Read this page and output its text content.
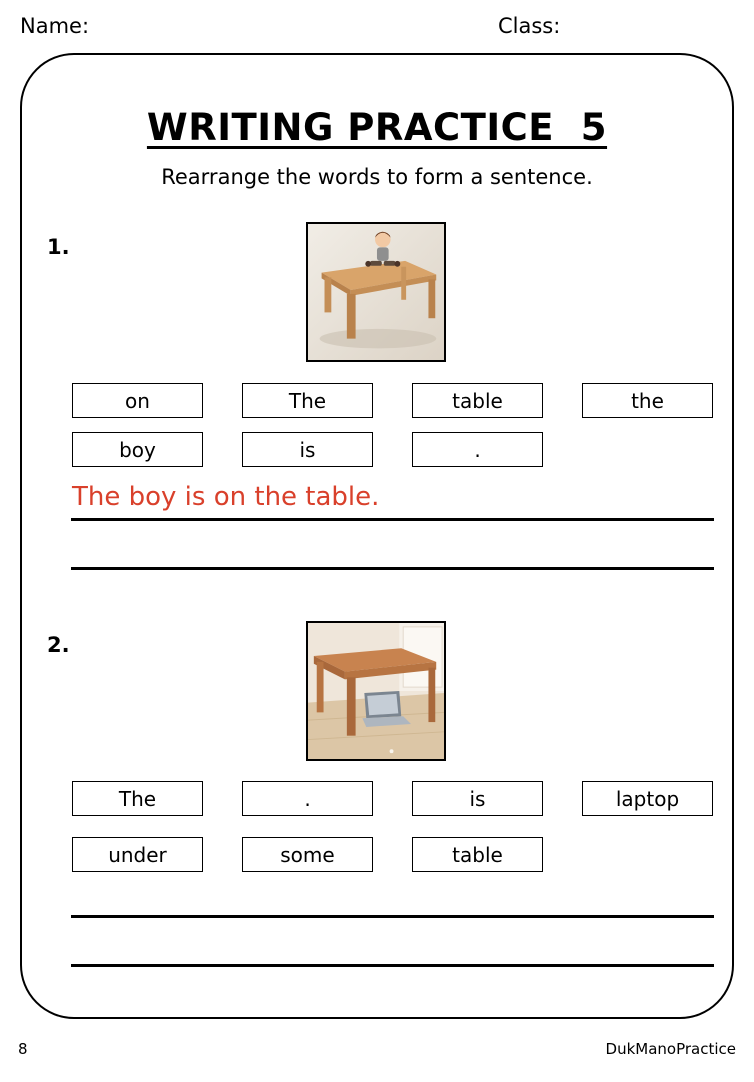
Name:	Class:
WRITING PRACTICE  5
Rearrange the words to form a sentence.
1.
on	The	table	the
boy	is	.
The boy is on the table.
2.
The	.	is	laptop
under	some	table
8	DukManoPractice
